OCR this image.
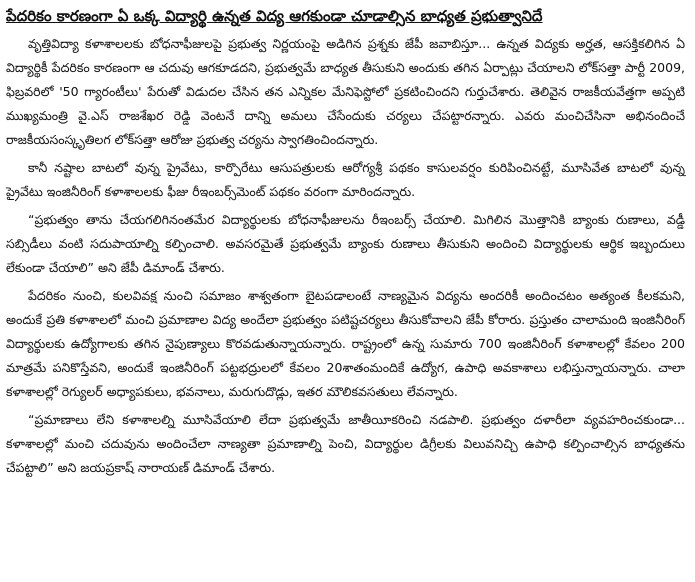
పేదరికం కారణంగా ఏ ఒక్క విద్యార్థి ఉన్నత విద్య ఆగకుండా చూడాల్సిన బాధ్యత ప్రభుత్వానిదే

వృత్తివిద్యా కళాశాలలకు బోధనాఫీజులపై ప్రభుత్వ నిర్ణయంపై అడిగిన ప్రశ్నకు జేపీ జవాబిస్తూ... ఉన్నత విద్యకు అర్హత, ఆసక్తికలిగిన ఏ విద్యార్థికీ పేదరికం కారణంగా ఆ చదువు ఆగకూడదని, ప్రభుత్వమే బాధ్యత తీసుకుని అందుకు తగిన ఏర్పాట్లు చేయాలని లోక్‌సత్తా పార్టీ 2009, ఫిబ్రవరిలో '50 గ్యారంటీలు' పేరుతో విడుదల చేసిన తన ఎన్నికల మేనిఫెస్టోలో ప్రకటించిందని గుర్తుచేశారు. తెలివైన రాజకీయవేత్తగా అప్పటి ముఖ్యమంత్రి వై.ఎస్ రాజశేఖర రెడ్డి వెంటనే దాన్ని అమలు చేసేందుకు చర్యలు చేపట్టారన్నారు. ఎవరు మంచిచేసినా అభినందించే రాజకీయసంస్కృతిలగ లోక్‌సత్తా ఆరోజు ప్రభుత్వ చర్యను స్వాగతించిందన్నారు.

కానీ నష్టాల బాటలో వున్న ప్రైవేటు, కార్పొరేటు ఆసుపత్రులకు ఆరోగ్యశ్రీ పథకం కాసులవర్షం కురిపించినట్టే, మూసివేత బాటలో వున్న ప్రైవేటు ఇంజినీరింగ్ కళాశాలలకు ఫీజు రీఇంబర్స్‌మెంట్ పథకం వరంగా మారిందన్నారు.

“ప్రభుత్వం తాను చేయగలిగినంతమేర విద్యార్థులకు బోధనాఫీజులను రీఇంబర్స్ చేయాలి. మిగిలిన మొత్తానికి బ్యాంకు రుణాలు, వడ్డీ సబ్సిడీలు వంటి సదుపాయాల్ని కల్పించాలి. అవసరమైతే ప్రభుత్వమే బ్యాంకు రుణాలు తీసుకుని అందించి విద్యార్థులకు ఆర్థిక ఇబ్బందులు లేకుండా చేయాలి” అని జేపీ డిమాండ్ చేశారు.

పేదరికం నుంచి, కులవివక్ష నుంచి సమాజం శాశ్వతంగా బైటపడాలంటే నాణ్యమైన విద్యను అందరికీ అందించటం అత్యంత కీలకమని, అందుకే ప్రతి కళాశాలలో మంచి ప్రమాణాల విద్య అందేలా ప్రభుత్వం పటిష్టచర్యలు తీసుకోవాలని జేపీ కోరారు. ప్రస్తుతం చాలామంది ఇంజినీరింగ్ విద్యార్థులకు ఉద్యోగాలకు తగిన నైపుణ్యాలు కొరవడుతున్నాయన్నారు. రాష్ట్రంలో ఉన్న సుమారు 700 ఇంజినీరింగ్ కళాశాలల్లో కేవలం 200 మాత్రమే పనికొస్తేవని, అందుకే ఇంజినీరింగ్ పట్టభద్రులలో కేవలం 20శాతంమందికే ఉద్యోగ, ఉపాధి అవకాశాలు లభిస్తున్నాయన్నారు. చాలా కళాశాలల్లో రెగ్యులర్ అధ్యాపకులు, భవనాలు, మరుగుదొడ్లు, ఇతర మౌలికవసతులు లేవన్నారు.

“ప్రమాణాలు లేని కళాశాలల్ని మూసివేయాలి లేదా ప్రభుత్వమే జాతీయీకరించి నడపాలి. ప్రభుత్వం దళారీలా వ్యవహరించకుండా... కళాశాలల్లో మంచి చదువును అందించేలా నాణ్యతా ప్రమాణాల్ని పెంచి, విద్యార్థుల డిగ్రీలకు విలువనిచ్చి ఉపాధి కల్పించాల్సిన బాధ్యతను చేపట్టాలి” అని జయప్రకాష్ నారాయణ్ డిమాండ్ చేశారు.
